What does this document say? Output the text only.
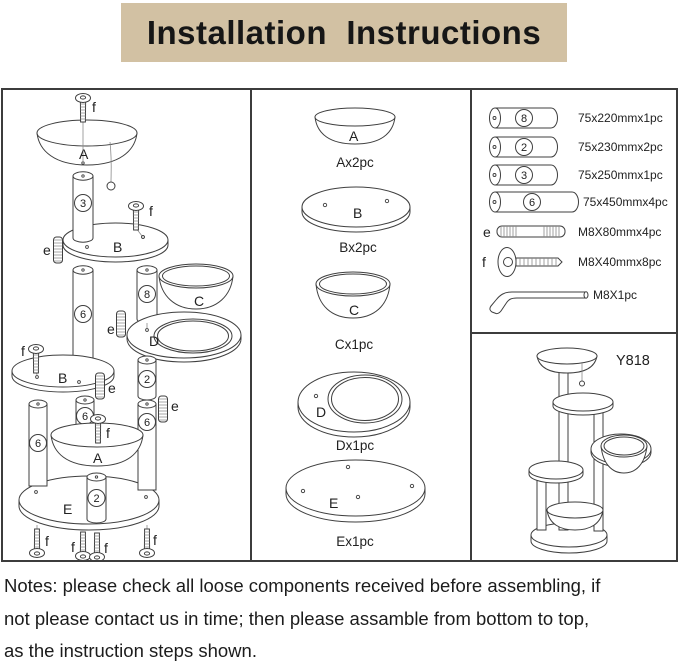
Installation  Instructions
f
A
B
3	f
e
6
8	C
D
e
B
f
e	2
e
E
6
6
6
A
f
2
f f f	f
A
Ax2pc
B
Bx2pc
C
Cx1pc
D
Dx1pc
E
Ex1pc
8	75x220mmx1pc
2	75x230mmx2pc
3	75x250mmx1pc
6	75x450mmx4pc
e	M8X80mmx4pc
f	M8X40mmx8pc
M8X1pc
Y818
Notes: please check all loose components received before assembling, if
not please contact us in time; then please assamble from bottom to top,
as the instruction steps shown.
